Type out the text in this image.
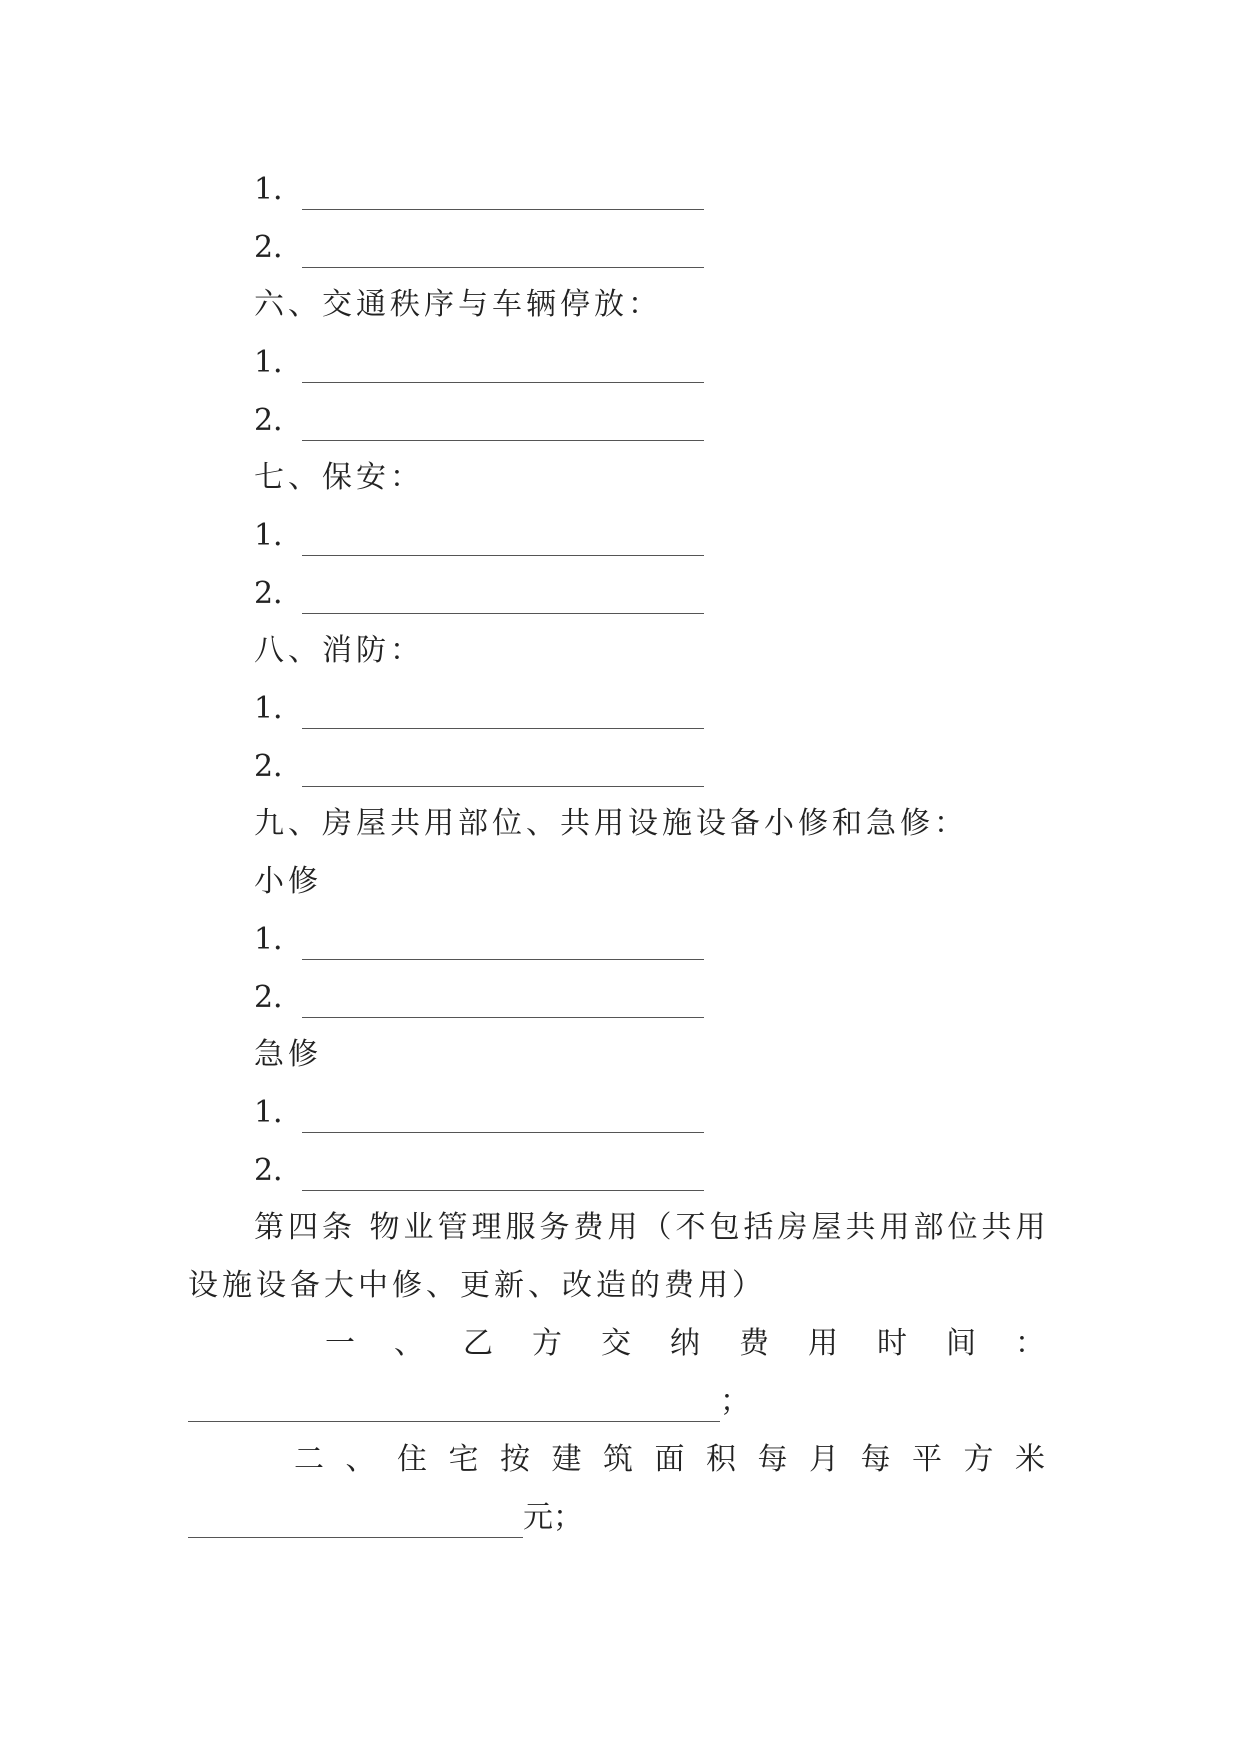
1．
2．
六、交通秩序与车辆停放：
1．
2．
七、保安：
1．
2．
八、消防：
1．
2．
九、房屋共用部位、共用设施设备小修和急修：
小修
1．
2．
急修
1．
2．
第四条 物业管理服务费用（不包括房屋共用部位共用
设施设备大中修、更新、改造的费用）
一 、 乙 方 交 纳 费 用 时 间 ：
；
二 、 住 宅 按 建 筑 面 积 每 月 每 平 方 米
元；
